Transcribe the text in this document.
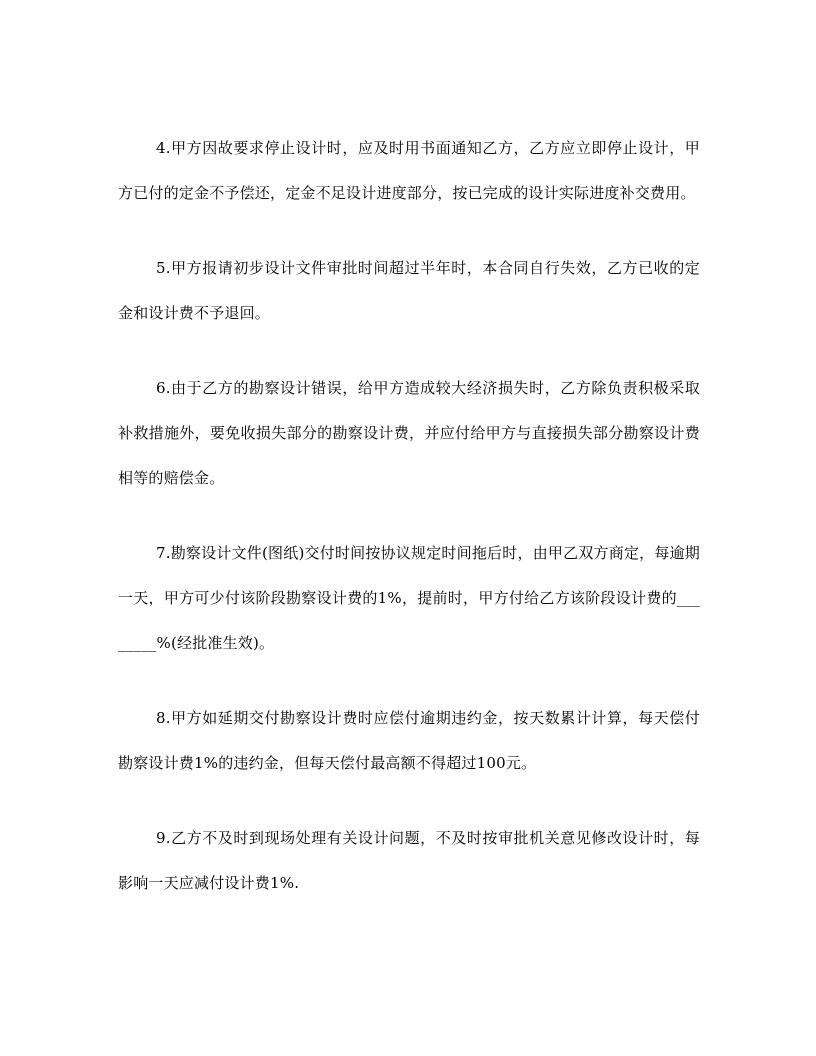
4.甲方因故要求停止设计时，应及时用书面通知乙方，乙方应立即停止设计，甲方已付的定金不予偿还，定金不足设计进度部分，按已完成的设计实际进度补交费用。

5.甲方报请初步设计文件审批时间超过半年时，本合同自行失效，乙方已收的定金和设计费不予退回。

6.由于乙方的勘察设计错误，给甲方造成较大经济损失时，乙方除负责积极采取补救措施外，要免收损失部分的勘察设计费，并应付给甲方与直接损失部分勘察设计费相等的赔偿金。

7.勘察设计文件(图纸)交付时间按协议规定时间拖后时，由甲乙双方商定，每逾期一天，甲方可少付该阶段勘察设计费的1%，提前时，甲方付给乙方该阶段设计费的________%(经批准生效)。

8.甲方如延期交付勘察设计费时应偿付逾期违约金，按天数累计计算，每天偿付勘察设计费1%的违约金，但每天偿付最高额不得超过100元。

9.乙方不及时到现场处理有关设计问题，不及时按审批机关意见修改设计时，每影响一天应减付设计费1%.
